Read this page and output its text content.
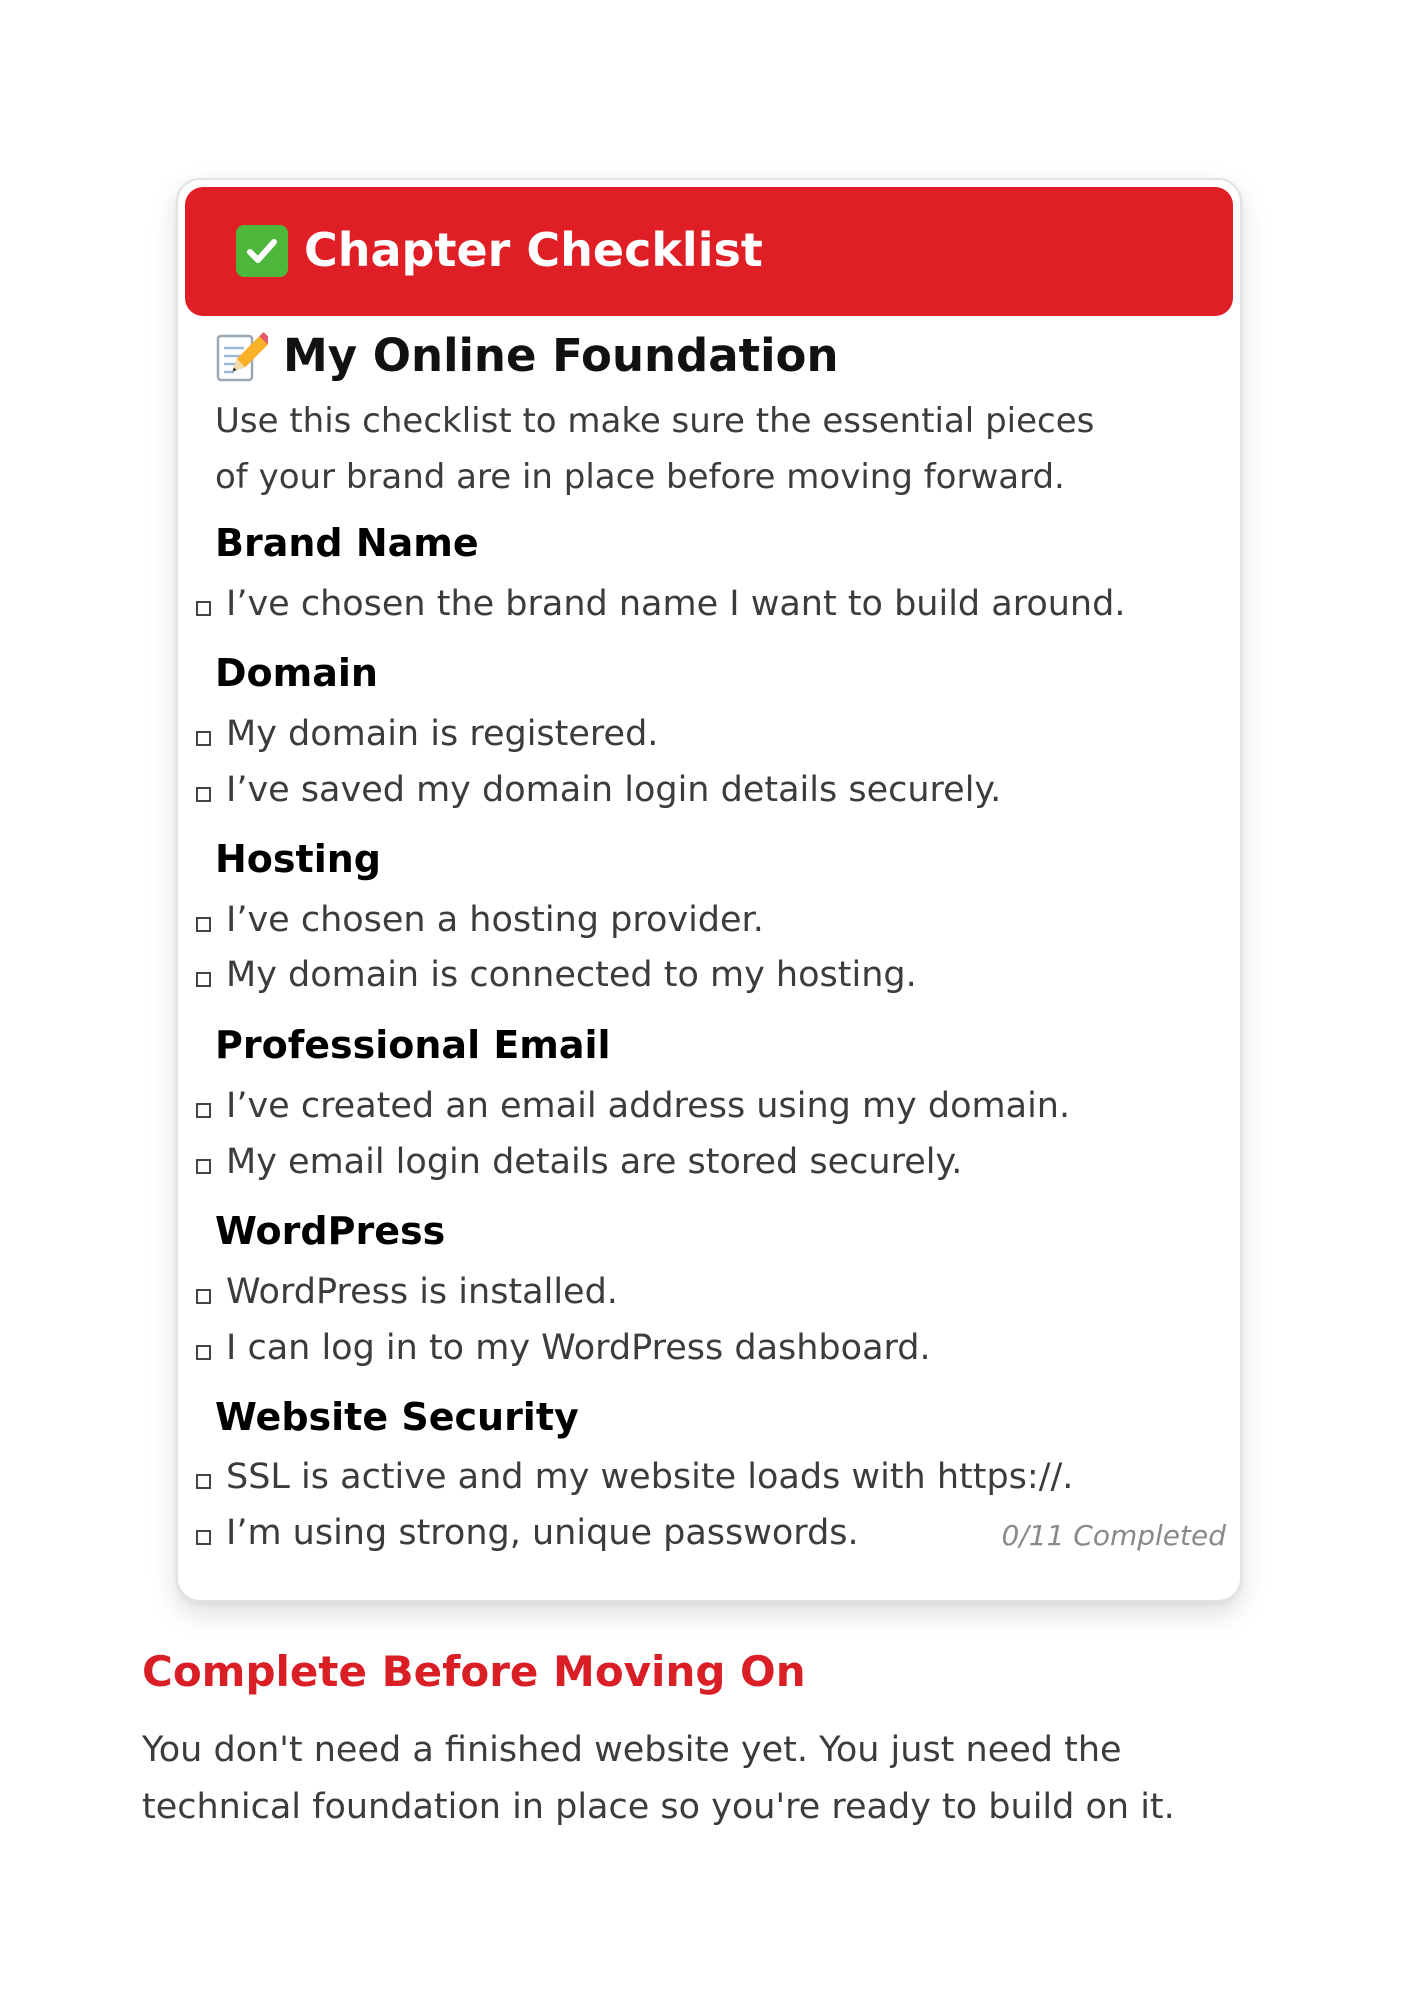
Chapter Checklist
My Online Foundation
Use this checklist to make sure the essential pieces
of your brand are in place before moving forward.
Brand Name
I’ve chosen the brand name I want to build around.
Domain
My domain is registered.
I’ve saved my domain login details securely.
Hosting
I’ve chosen a hosting provider.
My domain is connected to my hosting.
Professional Email
I’ve created an email address using my domain.
My email login details are stored securely.
WordPress
WordPress is installed.
I can log in to my WordPress dashboard.
Website Security
SSL is active and my website loads with https://.
I’m using strong, unique passwords.	0/11 Completed
Complete Before Moving On
You don't need a finished website yet. You just need the
technical foundation in place so you're ready to build on it.
